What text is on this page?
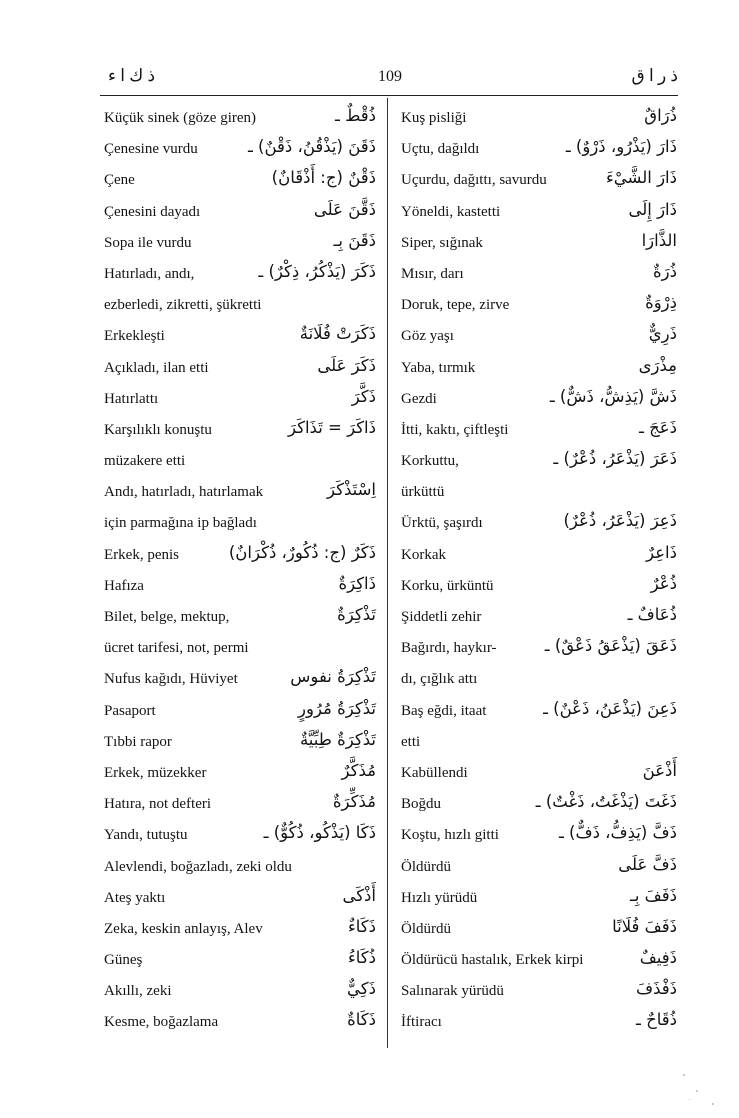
ذ ك ا ء	109	ذ ر ا ق
Küçük sinek (göze giren)	ذُقْطٌ ـ
Çenesine vurdu	ذَقَنَ (يَذْقُنُ، ذَقْنٌ) ـ
Çene	ذَقْنٌ (ج: أَذْقَانٌ)
Çenesini dayadı	ذَقَّنَ عَلَى
Sopa ile vurdu	ذَقَنَ بِـ
Hatırladı, andı,	ذَكَرَ (يَذْكُرُ، ذِكْرٌ) ـ
ezberledi, zikretti, şükretti
Erkekleşti	ذَكَرَتْ فُلَانَةٌ
Açıkladı, ilan etti	ذَكَرَ عَلَى
Hatırlattı	ذَكَّرَ
Karşılıklı konuştu	ذَاكَرَ = تَذَاكَرَ
müzakere etti
Andı, hatırladı, hatırlamak	اِسْتَذْكَرَ
için parmağına ip bağladı
Erkek, penis	ذَكَرٌ (ج: ذُكُورٌ، ذُكْرَانٌ)
Hafıza	ذَاكِرَةٌ
Bilet, belge, mektup,	تَذْكِرَةٌ
ücret tarifesi, not, permi
Nufus kağıdı, Hüviyet	تَذْكِرَةُ نفوس
Pasaport	تَذْكِرَةُ مُرُورٍ
Tıbbi rapor	تَذْكِرَةٌ طِبِّيَّةٌ
Erkek, müzekker	مُذَكَّرٌ
Hatıra, not defteri	مُذَكِّرَةٌ
Yandı, tutuştu	ذَكَا (يَذْكُو، ذُكُوٌّ) ـ
Alevlendi, boğazladı, zeki oldu
Ateş yaktı	أَذْكَى
Zeka, keskin anlayış, Alev	ذَكَاءٌ
Güneş	ذُكَاءُ
Akıllı, zeki	ذَكِيٌّ
Kesme, boğazlama	ذَكَاةٌ
Kuş pisliği	ذُرَاقٌ
Uçtu, dağıldı	ذَارَ (يَذْرُو، ذَرْوٌ) ـ
Uçurdu, dağıttı, savurdu	ذَارَ الشَّيْءَ
Yöneldi, kastetti	ذَارَ إِلَى
Siper, sığınak	الذَّارَا
Mısır, darı	ذُرَةٌ
Doruk, tepe, zirve	ذِرْوَةٌ
Göz yaşı	ذَرِيٌّ
Yaba, tırmık	مِذْرَى
Gezdi	ذَشَّ (يَذِشُّ، ذَشٌّ) ـ
İtti, kaktı, çiftleşti	ذَعَجَ ـ
Korkuttu,	ذَعَرَ (يَذْعَرُ، ذُعْرٌ) ـ
ürküttü
Ürktü, şaşırdı	ذَعِرَ (يَذْعَرُ، ذُعْرٌ)
Korkak	ذَاعِرٌ
Korku, ürküntü	ذُعْرٌ
Şiddetli zehir	ذُعَافٌ ـ
Bağırdı, haykır-	ذَعَقَ (يَذْعَقُ ذَعْقٌ) ـ
dı, çığlık attı
Baş eğdi, itaat	ذَعِنَ (يَذْعَنُ، ذَعْنٌ) ـ
etti
Kabüllendi	أَذْعَنَ
Boğdu	ذَغَتَ (يَذْغَتُ، ذَغْتٌ) ـ
Koştu, hızlı gitti	ذَفَّ (يَذِفُّ، ذَفٌّ) ـ
Öldürdü	ذَفَّ عَلَى
Hızlı yürüdü	ذَفَفَ بِـ
Öldürdü	ذَفَفَ فُلَانًا
Öldürücü hastalık, Erkek kirpi	ذَفِيفٌ
Salınarak yürüdü	ذَفْذَفَ
İftiracı	ذُقَاحٌ ـ
